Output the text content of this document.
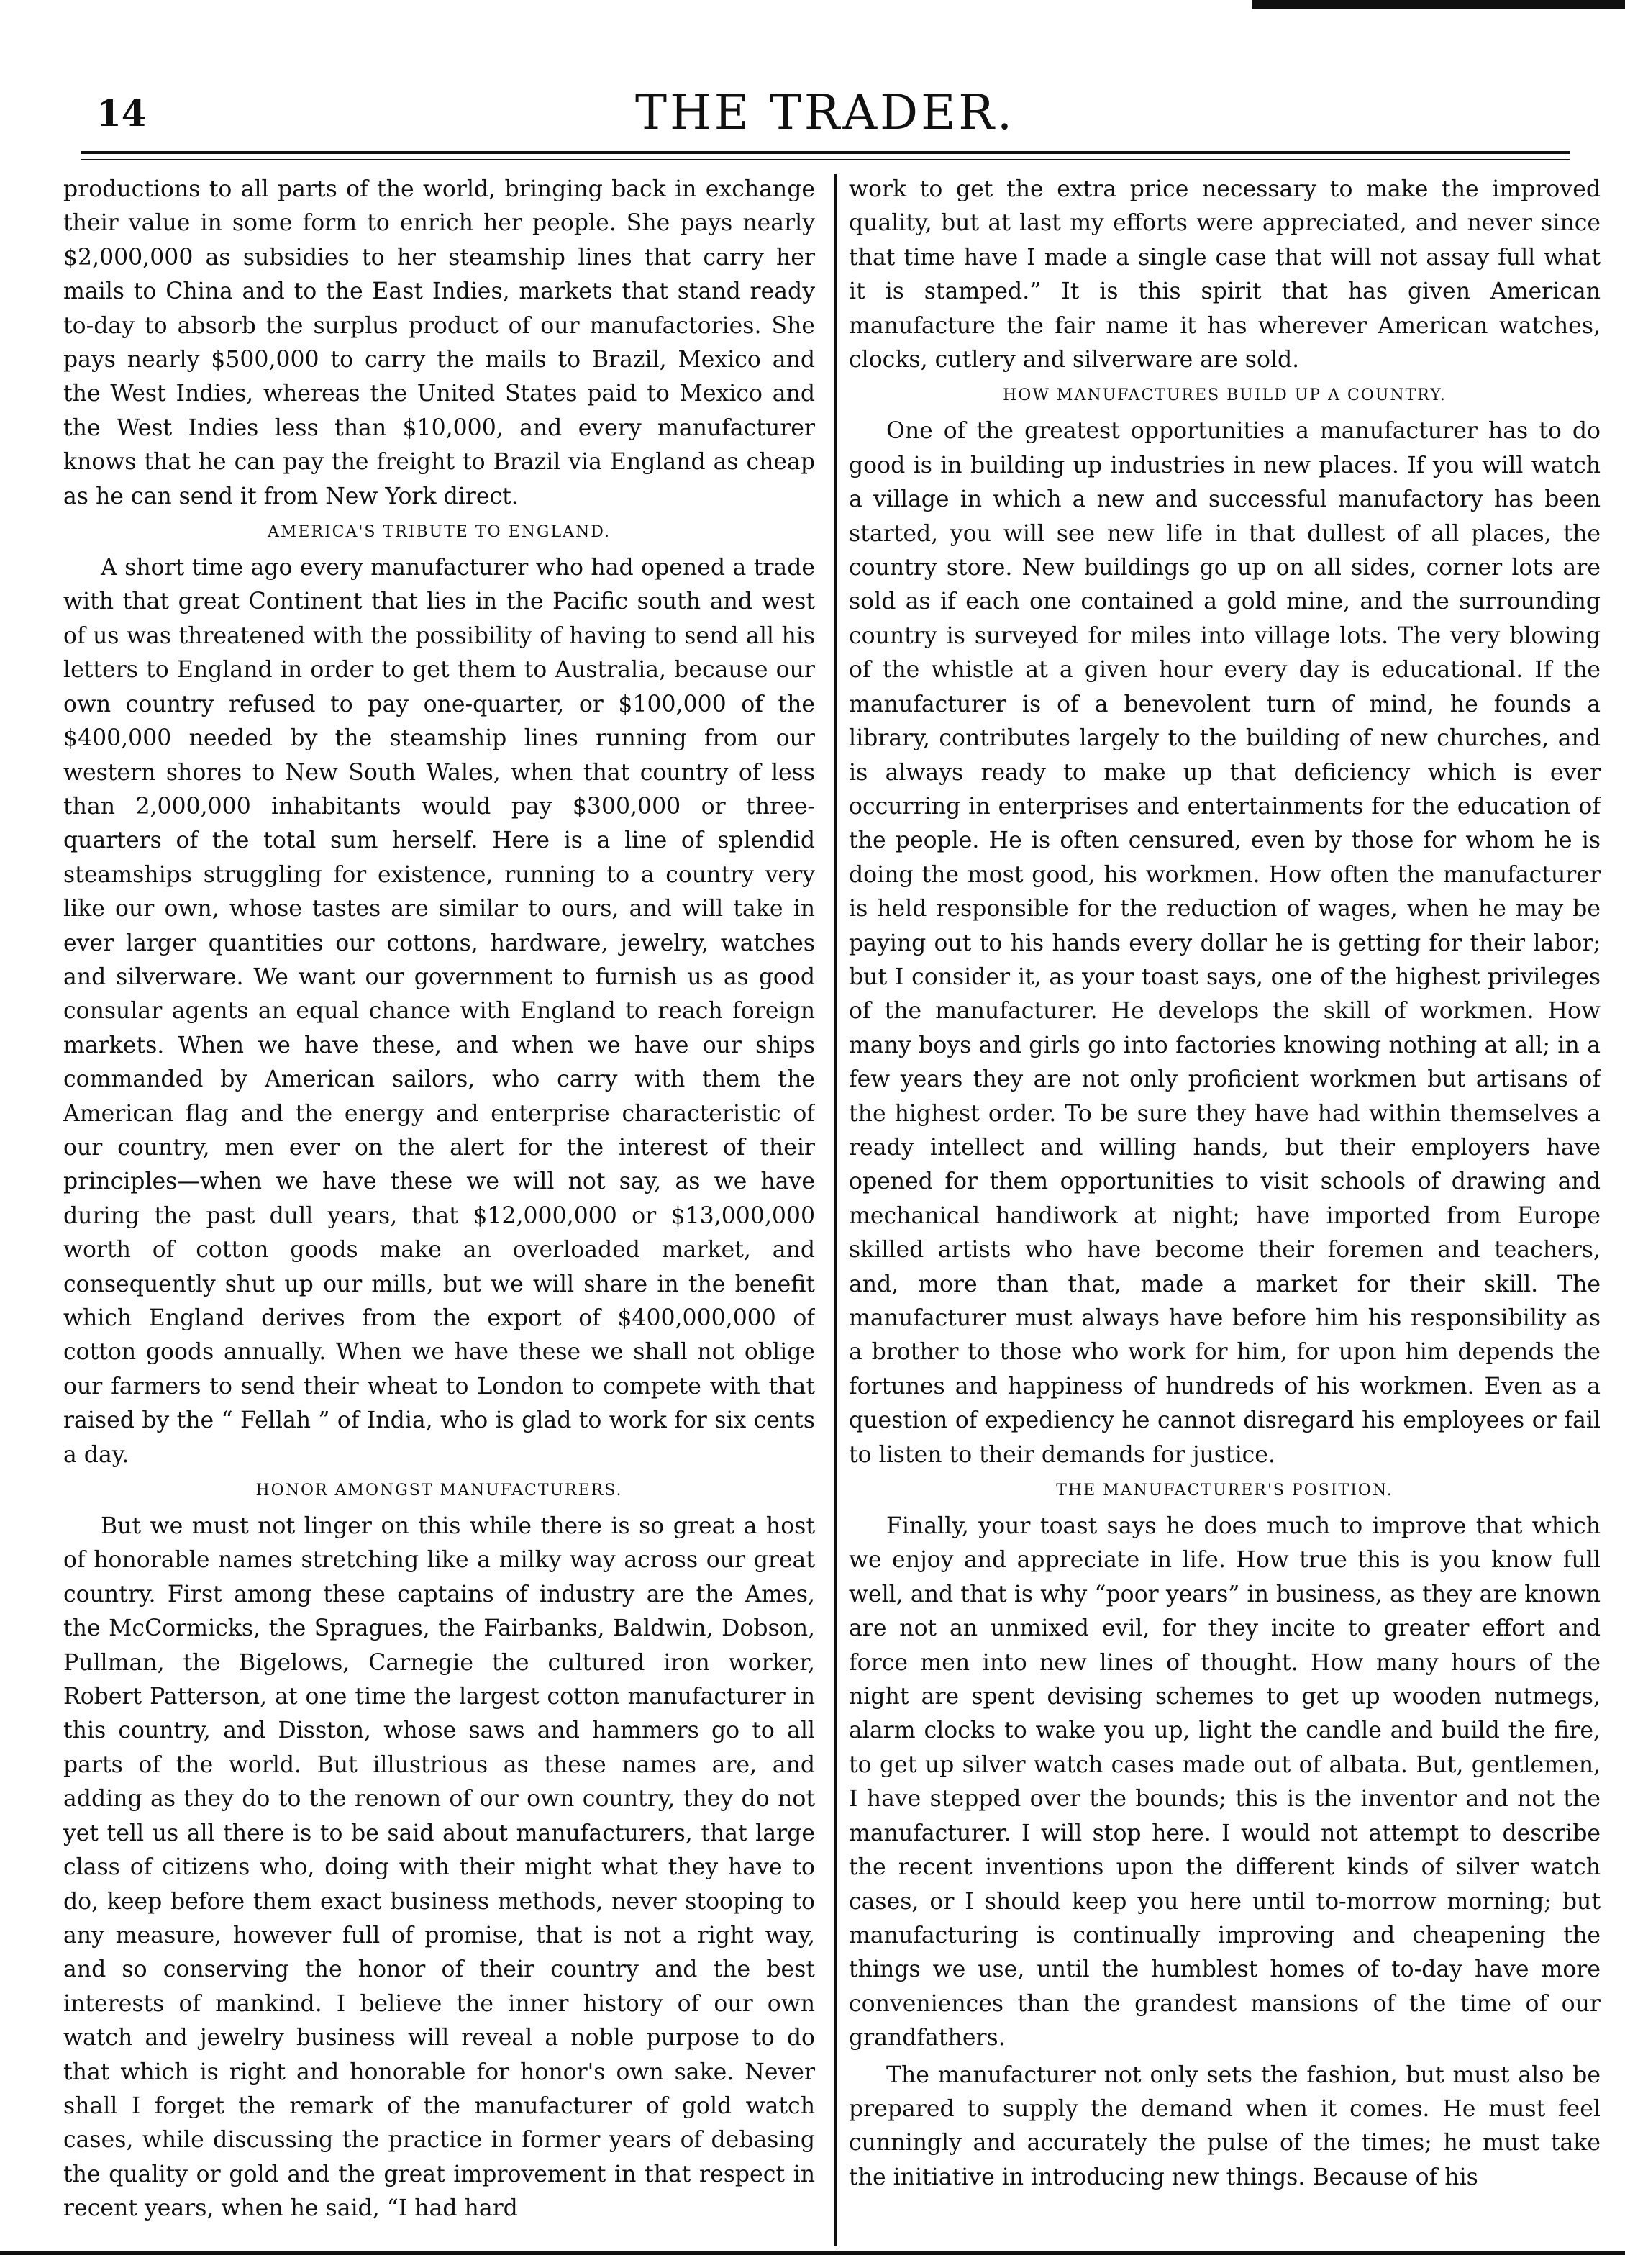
14	THE TRADER.

productions to all parts of the world, bringing back in exchange their value in some form to enrich her people. She pays nearly $2,000,000 as subsidies to her steamship lines that carry her mails to China and to the East Indies, markets that stand ready to-day to absorb the surplus product of our manufactories. She pays nearly $500,000 to carry the mails to Brazil, Mexico and the West Indies, whereas the United States paid to Mexico and the West Indies less than $10,000, and every manufacturer knows that he can pay the freight to Brazil via England as cheap as he can send it from New York direct.

AMERICA'S TRIBUTE TO ENGLAND.

A short time ago every manufacturer who had opened a trade with that great Continent that lies in the Pacific south and west of us was threatened with the possibility of having to send all his letters to England in order to get them to Australia, because our own country refused to pay one-quarter, or $100,000 of the $400,000 needed by the steamship lines running from our western shores to New South Wales, when that country of less than 2,000,000 inhabitants would pay $300,000 or three-quarters of the total sum herself. Here is a line of splendid steamships struggling for existence, running to a country very like our own, whose tastes are similar to ours, and will take in ever larger quantities our cottons, hardware, jewelry, watches and silverware. We want our government to furnish us as good consular agents an equal chance with England to reach foreign markets. When we have these, and when we have our ships commanded by American sailors, who carry with them the American flag and the energy and enterprise characteristic of our country, men ever on the alert for the interest of their principles—when we have these we will not say, as we have during the past dull years, that $12,000,000 or $13,000,000 worth of cotton goods make an overloaded market, and consequently shut up our mills, but we will share in the benefit which England derives from the export of $400,000,000 of cotton goods annually. When we have these we shall not oblige our farmers to send their wheat to London to compete with that raised by the “ Fellah ” of India, who is glad to work for six cents a day.

HONOR AMONGST MANUFACTURERS.

But we must not linger on this while there is so great a host of honorable names stretching like a milky way across our great country. First among these captains of industry are the Ames, the McCormicks, the Spragues, the Fairbanks, Baldwin, Dobson, Pullman, the Bigelows, Carnegie the cultured iron worker, Robert Patterson, at one time the largest cotton manufacturer in this country, and Disston, whose saws and hammers go to all parts of the world. But illustrious as these names are, and adding as they do to the renown of our own country, they do not yet tell us all there is to be said about manufacturers, that large class of citizens who, doing with their might what they have to do, keep before them exact business methods, never stooping to any measure, however full of promise, that is not a right way, and so conserving the honor of their country and the best interests of mankind. I believe the inner history of our own watch and jewelry business will reveal a noble purpose to do that which is right and honorable for honor's own sake. Never shall I forget the remark of the manufacturer of gold watch cases, while discussing the practice in former years of debasing the quality or gold and the great improvement in that respect in recent years, when he said, “I had hard

work to get the extra price necessary to make the improved quality, but at last my efforts were appreciated, and never since that time have I made a single case that will not assay full what it is stamped.” It is this spirit that has given American manufacture the fair name it has wherever American watches, clocks, cutlery and silverware are sold.

HOW MANUFACTURES BUILD UP A COUNTRY.

One of the greatest opportunities a manufacturer has to do good is in building up industries in new places. If you will watch a village in which a new and successful manufactory has been started, you will see new life in that dullest of all places, the country store. New buildings go up on all sides, corner lots are sold as if each one contained a gold mine, and the surrounding country is surveyed for miles into village lots. The very blowing of the whistle at a given hour every day is educational. If the manufacturer is of a benevolent turn of mind, he founds a library, contributes largely to the building of new churches, and is always ready to make up that deficiency which is ever occurring in enterprises and entertainments for the education of the people. He is often censured, even by those for whom he is doing the most good, his workmen. How often the manufacturer is held responsible for the reduction of wages, when he may be paying out to his hands every dollar he is getting for their labor; but I consider it, as your toast says, one of the highest privileges of the manufacturer. He develops the skill of workmen. How many boys and girls go into factories knowing nothing at all; in a few years they are not only proficient workmen but artisans of the highest order. To be sure they have had within themselves a ready intellect and willing hands, but their employers have opened for them opportunities to visit schools of drawing and mechanical handiwork at night; have imported from Europe skilled artists who have become their foremen and teachers, and, more than that, made a market for their skill. The manufacturer must always have before him his responsibility as a brother to those who work for him, for upon him depends the fortunes and happiness of hundreds of his workmen. Even as a question of expediency he cannot disregard his employees or fail to listen to their demands for justice.

THE MANUFACTURER'S POSITION.

Finally, your toast says he does much to improve that which we enjoy and appreciate in life. How true this is you know full well, and that is why “poor years” in business, as they are known are not an unmixed evil, for they incite to greater effort and force men into new lines of thought. How many hours of the night are spent devising schemes to get up wooden nutmegs, alarm clocks to wake you up, light the candle and build the fire, to get up silver watch cases made out of albata. But, gentlemen, I have stepped over the bounds; this is the inventor and not the manufacturer. I will stop here. I would not attempt to describe the recent inventions upon the different kinds of silver watch cases, or I should keep you here until to-morrow morning; but manufacturing is continually improving and cheapening the things we use, until the humblest homes of to-day have more conveniences than the grandest mansions of the time of our grandfathers.

The manufacturer not only sets the fashion, but must also be prepared to supply the demand when it comes. He must feel cunningly and accurately the pulse of the times; he must take the initiative in introducing new things. Because of his
